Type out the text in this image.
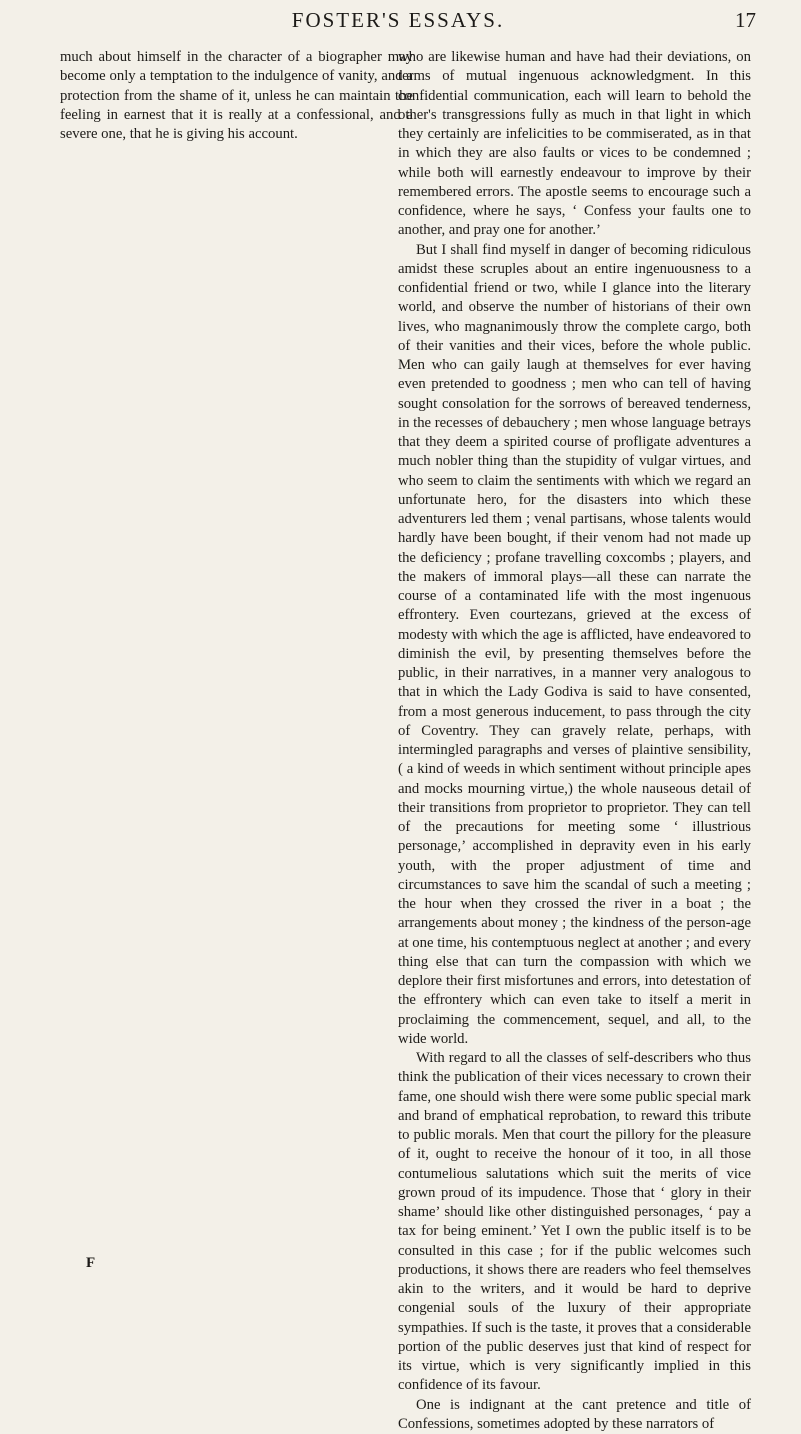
FOSTER'S ESSAYS.	17

much about himself in the character of a biographer may become only a temptation to the indulgence of vanity, and a protection from the shame of it, unless he can maintain the feeling in earnest that it is really at a confessional, and a severe one, that he is giving his account.

who are likewise human and have had their deviations, on terms of mutual ingenuous acknowledgment. In this confidential communication, each will learn to behold the other's transgressions fully as much in that light in which they certainly are infelicities to be commiserated, as in that in which they are also faults or vices to be condemned ; while both will earnestly endeavour to improve by their remembered errors. The apostle seems to encourage such a confidence, where he says, ‘ Confess your faults one to another, and pray one for another.’

But I shall find myself in danger of becoming ridiculous amidst these scruples about an entire ingenuousness to a confidential friend or two, while I glance into the literary world, and observe the number of historians of their own lives, who magnanimously throw the complete cargo, both of their vanities and their vices, before the whole public. Men who can gaily laugh at themselves for ever having even pretended to goodness ; men who can tell of having sought consolation for the sorrows of bereaved tenderness, in the recesses of debauchery ; men whose language betrays that they deem a spirited course of profligate adventures a much nobler thing than the stupidity of vulgar virtues, and who seem to claim the sentiments with which we regard an unfortunate hero, for the disasters into which these adventurers led them ; venal partisans, whose talents would hardly have been bought, if their venom had not made up the deficiency ; profane travelling coxcombs ; players, and the makers of immoral plays—all these can narrate the course of a contaminated life with the most ingenuous effrontery. Even courtezans, grieved at the excess of modesty with which the age is afflicted, have endeavored to diminish the evil, by presenting themselves before the public, in their narratives, in a manner very analogous to that in which the Lady Godiva is said to have consented, from a most generous inducement, to pass through the city of Coventry. They can gravely relate, perhaps, with intermingled paragraphs and verses of plaintive sensibility, ( a kind of weeds in which sentiment without principle apes and mocks mourning virtue,) the whole nauseous detail of their transitions from proprietor to proprietor. They can tell of the precautions for meeting some ‘ illustrious personage,’ accomplished in depravity even in his early youth, with the proper adjustment of time and circumstances to save him the scandal of such a meeting ; the hour when they crossed the river in a boat ; the arrangements about money ; the kindness of the person-age at one time, his contemptuous neglect at another ; and every thing else that can turn the compassion with which we deplore their first misfortunes and errors, into detestation of the effrontery which can even take to itself a merit in proclaiming the commencement, sequel, and all, to the wide world.

With regard to all the classes of self-describers who thus think the publication of their vices necessary to crown their fame, one should wish there were some public special mark and brand of emphatical reprobation, to reward this tribute to public morals. Men that court the pillory for the pleasure of it, ought to receive the honour of it too, in all those contumelious salutations which suit the merits of vice grown proud of its impudence. Those that ‘ glory in their shame’ should like other distinguished personages, ‘ pay a tax for being eminent.’ Yet I own the public itself is to be consulted in this case ; for if the public welcomes such productions, it shows there are readers who feel themselves akin to the writers, and it would be hard to deprive congenial souls of the luxury of their appropriate sympathies. If such is the taste, it proves that a considerable portion of the public deserves just that kind of respect for its virtue, which is very significantly implied in this confidence of its favour.

One is indignant at the cant pretence and title of Confessions, sometimes adopted by these narrators of

F
